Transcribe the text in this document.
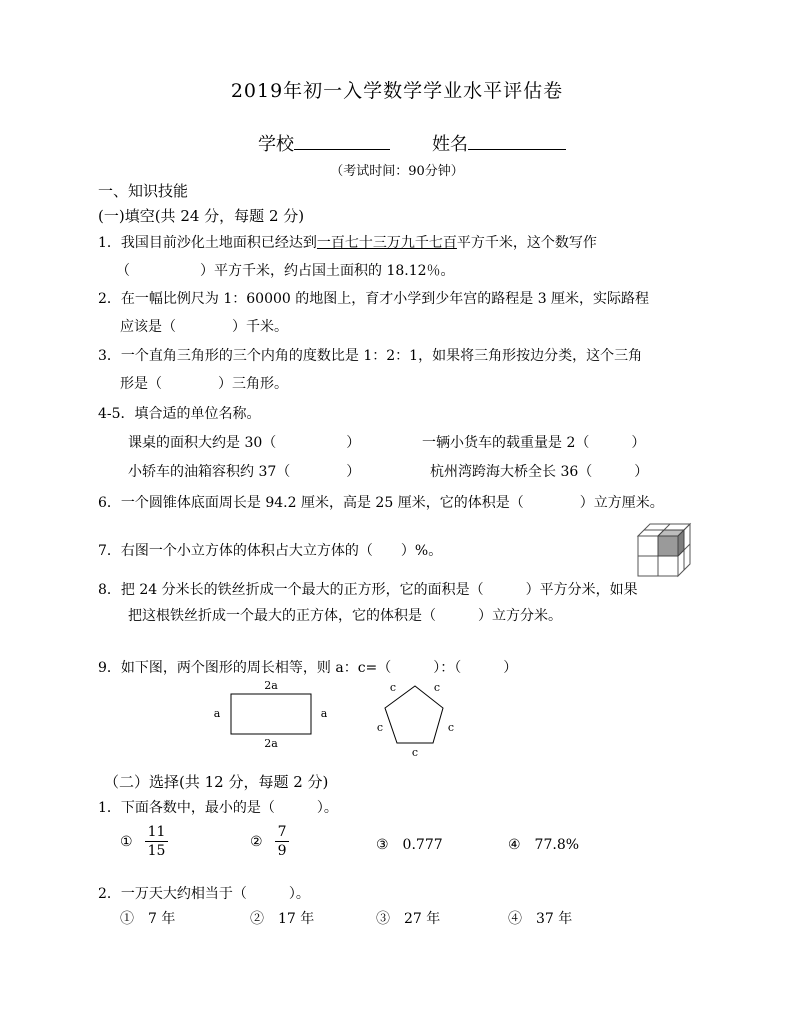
2019年初一入学数学学业水平评估卷
学校	姓名
（考试时间：90分钟）
一、知识技能
(一)填空(共 24 分，每题 2 分)
1．我国目前沙化土地面积已经达到一百七十三万九千七百平方千米，这个数写作
（　　　　　）平方千米，约占国土面积的 18.12％。
2．在一幅比例尺为 1：60000 的地图上，育才小学到少年宫的路程是 3 厘米，实际路程
应该是（　　　　）千米。
3．一个直角三角形的三个内角的度数比是 1：2：1，如果将三角形按边分类，这个三角
形是（　　　　）三角形。
4-5．填合适的单位名称。
课桌的面积大约是 30（　　　　　）	一辆小货车的载重量是 2（　　　）
小轿车的油箱容积约 37（　　　　）	杭州湾跨海大桥全长 36（　　　）
6．一个圆锥体底面周长是 94.2 厘米，高是 25 厘米，它的体积是（　　　　）立方厘米。
7．右图一个小立方体的体积占大立方体的（　　）%。
8．把 24 分米长的铁丝折成一个最大的正方形，它的面积是（　　　）平方分米，如果
把这根铁丝折成一个最大的正方体，它的体积是（　　　）立方分米。
9．如下图，两个图形的周长相等，则 a：c=（　　　）：（　　　）
2a
2a
a	a
c	c
c
c
c
（二）选择(共 12 分，每题 2 分)
1．下面各数中，最小的是（　　　）。
① $\frac{11}{15}$	② $\frac{7}{9}$	③　0.777	④　77.8%
2．一万天大约相当于（　　　）。
①　7 年	②　17 年	③　27 年	④　37 年
